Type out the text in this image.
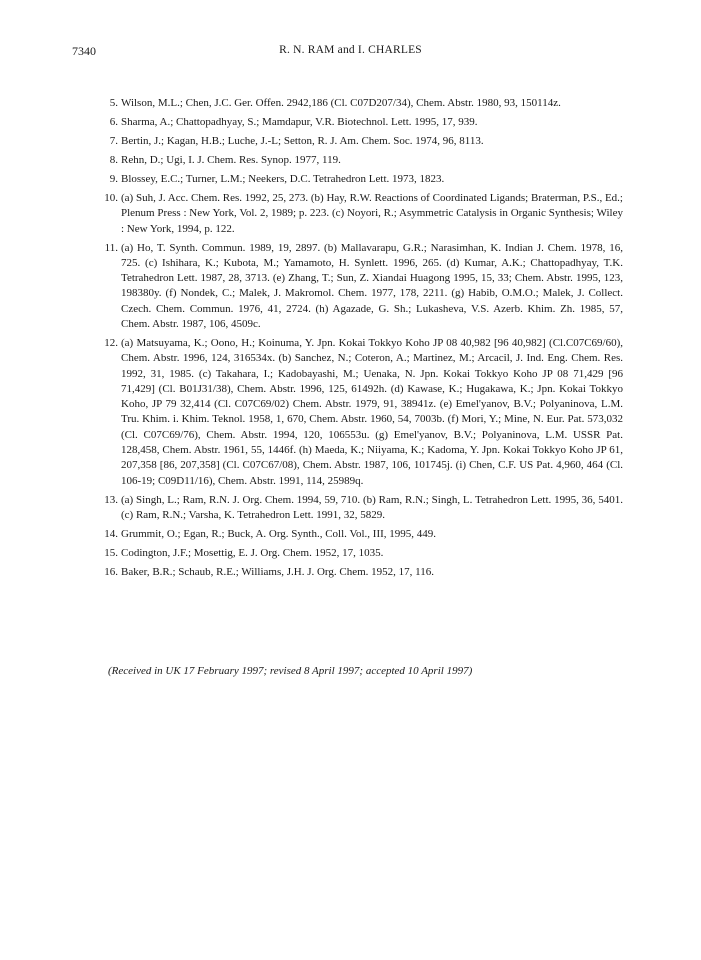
7340	R. N. RAM and I. CHARLES
5. Wilson, M.L.; Chen, J.C. Ger. Offen. 2942,186 (Cl. C07D207/34), Chem. Abstr. 1980, 93, 150114z.
6. Sharma, A.; Chattopadhyay, S.; Mamdapur, V.R. Biotechnol. Lett. 1995, 17, 939.
7. Bertin, J.; Kagan, H.B.; Luche, J.-L; Setton, R. J. Am. Chem. Soc. 1974, 96, 8113.
8. Rehn, D.; Ugi, I. J. Chem. Res. Synop. 1977, 119.
9. Blossey, E.C.; Turner, L.M.; Neekers, D.C. Tetrahedron Lett. 1973, 1823.
10. (a) Suh, J. Acc. Chem. Res. 1992, 25, 273. (b) Hay, R.W. Reactions of Coordinated Ligands; Braterman, P.S., Ed.; Plenum Press : New York, Vol. 2, 1989; p. 223. (c) Noyori, R.; Asymmetric Catalysis in Organic Synthesis; Wiley : New York, 1994, p. 122.
11. (a) Ho, T. Synth. Commun. 1989, 19, 2897. (b) Mallavarapu, G.R.; Narasimhan, K. Indian J. Chem. 1978, 16, 725. (c) Ishihara, K.; Kubota, M.; Yamamoto, H. Synlett. 1996, 265. (d) Kumar, A.K.; Chattopadhyay, T.K. Tetrahedron Lett. 1987, 28, 3713. (e) Zhang, T.; Sun, Z. Xiandai Huagong 1995, 15, 33; Chem. Abstr. 1995, 123, 198380y. (f) Nondek, C.; Malek, J. Makromol. Chem. 1977, 178, 2211. (g) Habib, O.M.O.; Malek, J. Collect. Czech. Chem. Commun. 1976, 41, 2724. (h) Agazade, G. Sh.; Lukasheva, V.S. Azerb. Khim. Zh. 1985, 57, Chem. Abstr. 1987, 106, 4509c.
12. (a) Matsuyama, K.; Oono, H.; Koinuma, Y. Jpn. Kokai Tokkyo Koho JP 08 40,982 [96 40,982] (Cl.C07C69/60), Chem. Abstr. 1996, 124, 316534x. (b) Sanchez, N.; Coteron, A.; Martinez, M.; Arcacil, J. Ind. Eng. Chem. Res. 1992, 31, 1985. (c) Takahara, I.; Kadobayashi, M.; Uenaka, N. Jpn. Kokai Tokkyo Koho JP 08 71,429 [96 71,429] (Cl. B01J31/38), Chem. Abstr. 1996, 125, 61492h. (d) Kawase, K.; Hugakawa, K.; Jpn. Kokai Tokkyo Koho, JP 79 32,414 (Cl. C07C69/02) Chem. Abstr. 1979, 91, 38941z. (e) Emel'yanov, B.V.; Polyaninova, L.M. Tru. Khim. i. Khim. Teknol. 1958, 1, 670, Chem. Abstr. 1960, 54, 7003b. (f) Mori, Y.; Mine, N. Eur. Pat. 573,032 (Cl. C07C69/76), Chem. Abstr. 1994, 120, 106553u. (g) Emel'yanov, B.V.; Polyaninova, L.M. USSR Pat. 128,458, Chem. Abstr. 1961, 55, 1446f. (h) Maeda, K.; Niiyama, K.; Kadoma, Y. Jpn. Kokai Tokkyo Koho JP 61, 207,358 [86, 207,358] (Cl. C07C67/08), Chem. Abstr. 1987, 106, 101745j. (i) Chen, C.F. US Pat. 4,960, 464 (Cl. 106-19; C09D11/16), Chem. Abstr. 1991, 114, 25989q.
13. (a) Singh, L.; Ram, R.N. J. Org. Chem. 1994, 59, 710. (b) Ram, R.N.; Singh, L. Tetrahedron Lett. 1995, 36, 5401. (c) Ram, R.N.; Varsha, K. Tetrahedron Lett. 1991, 32, 5829.
14. Grummit, O.; Egan, R.; Buck, A. Org. Synth., Coll. Vol., III, 1995, 449.
15. Codington, J.F.; Mosettig, E. J. Org. Chem. 1952, 17, 1035.
16. Baker, B.R.; Schaub, R.E.; Williams, J.H. J. Org. Chem. 1952, 17, 116.
(Received in UK 17 February 1997; revised 8 April 1997; accepted 10 April 1997)
